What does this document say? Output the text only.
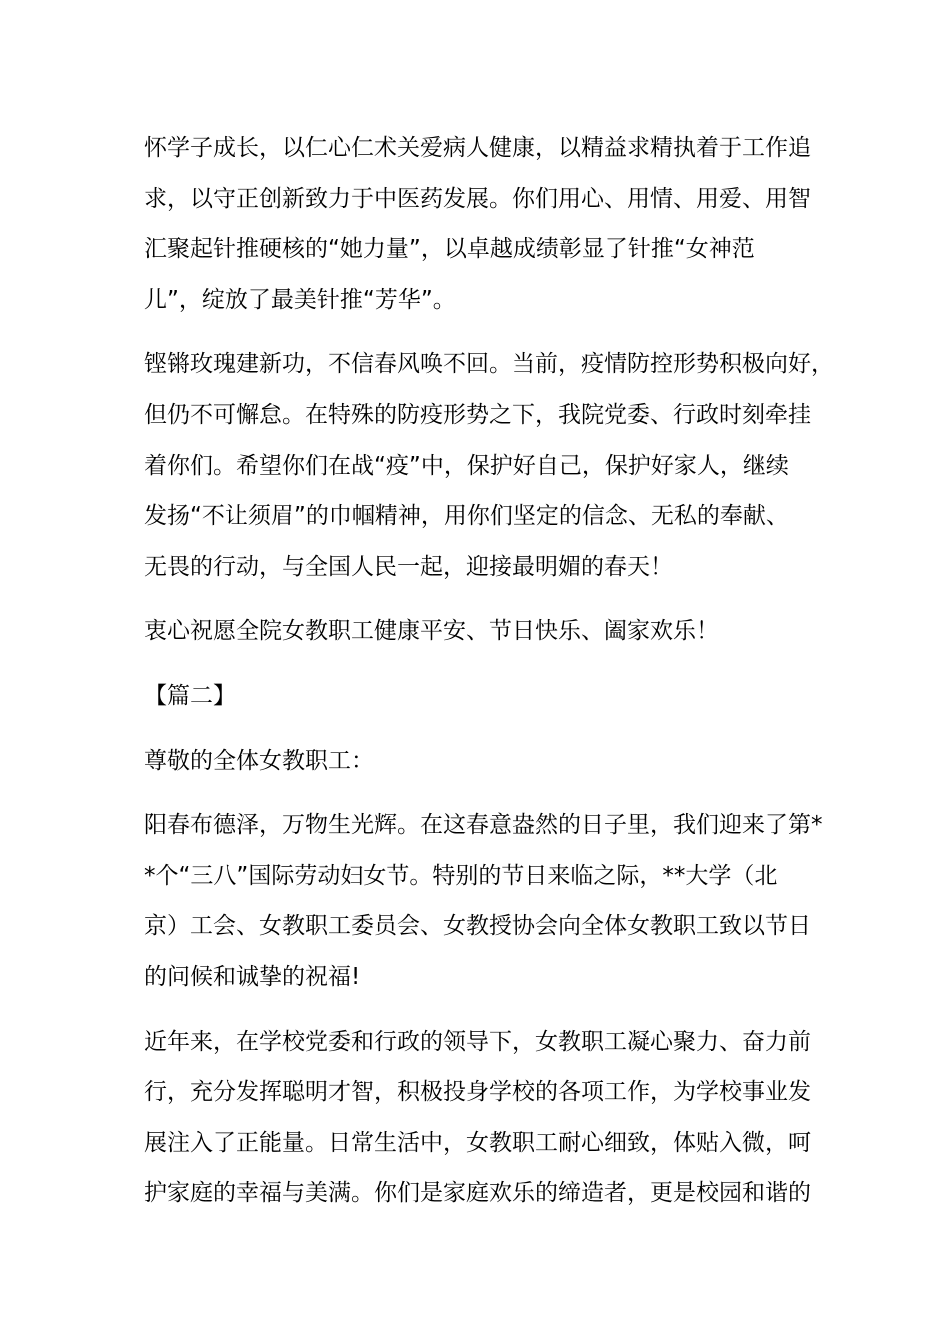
怀学子成长，以仁心仁术关爱病人健康，以精益求精执着于工作追
求，以守正创新致力于中医药发展。你们用心、用情、用爱、用智
汇聚起针推硬核的“她力量”，以卓越成绩彰显了针推“女神范
儿”，绽放了最美针推“芳华”。

铿锵玫瑰建新功，不信春风唤不回。当前，疫情防控形势积极向好，
但仍不可懈怠。在特殊的防疫形势之下，我院党委、行政时刻牵挂
着你们。希望你们在战“疫”中，保护好自己，保护好家人，继续
发扬“不让须眉”的巾帼精神，用你们坚定的信念、无私的奉献、
无畏的行动，与全国人民一起，迎接最明媚的春天！

衷心祝愿全院女教职工健康平安、节日快乐、阖家欢乐！

【篇二】

尊敬的全体女教职工：

阳春布德泽，万物生光辉。在这春意盎然的日子里，我们迎来了第*
*个“三八”国际劳动妇女节。特别的节日来临之际，**大学（北
京）工会、女教职工委员会、女教授协会向全体女教职工致以节日
的问候和诚挚的祝福!

近年来，在学校党委和行政的领导下，女教职工凝心聚力、奋力前
行，充分发挥聪明才智，积极投身学校的各项工作，为学校事业发
展注入了正能量。日常生活中，女教职工耐心细致，体贴入微，呵
护家庭的幸福与美满。你们是家庭欢乐的缔造者，更是校园和谐的
